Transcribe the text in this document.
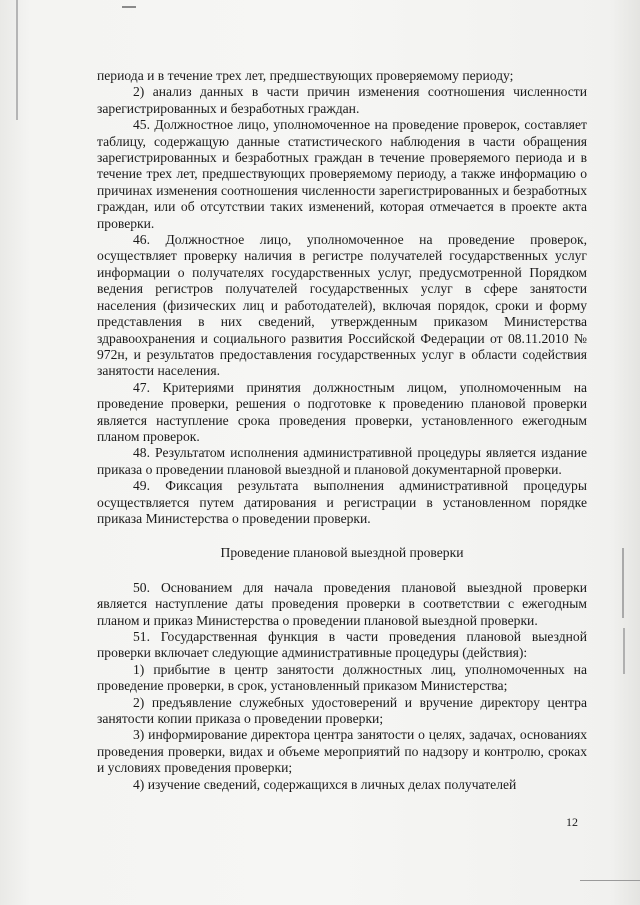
периода и в течение трех лет, предшествующих проверяемому периоду;

2) анализ данных в части причин изменения соотношения численности зарегистрированных и безработных граждан.

45. Должностное лицо, уполномоченное на проведение проверок, составляет таблицу, содержащую данные статистического наблюдения в части обращения зарегистрированных и безработных граждан в течение проверяемого периода и в течение трех лет, предшествующих проверяемому периоду, а также информацию о причинах изменения соотношения численности зарегистрированных и безработных граждан, или об отсутствии таких изменений, которая отмечается в проекте акта проверки.

46. Должностное лицо, уполномоченное на проведение проверок, осуществляет проверку наличия в регистре получателей государственных услуг информации о получателях государственных услуг, предусмотренной Порядком ведения регистров получателей государственных услуг в сфере занятости населения (физических лиц и работодателей), включая порядок, сроки и форму представления в них сведений, утвержденным приказом Министерства здравоохранения и социального развития Российской Федерации от 08.11.2010 № 972н, и результатов предоставления государственных услуг в области содействия занятости населения.

47. Критериями принятия должностным лицом, уполномоченным на проведение проверки, решения о подготовке к проведению плановой проверки является наступление срока проведения проверки, установленного ежегодным планом проверок.

48. Результатом исполнения административной процедуры является издание приказа о проведении плановой выездной и плановой документарной проверки.

49. Фиксация результата выполнения административной процедуры осуществляется путем датирования и регистрации в установленном порядке приказа Министерства о проведении проверки.

Проведение плановой выездной проверки

50. Основанием для начала проведения плановой выездной проверки является наступление даты проведения проверки в соответствии с ежегодным планом и приказ Министерства о проведении плановой выездной проверки.

51. Государственная функция в части проведения плановой выездной проверки включает следующие административные процедуры (действия):

1) прибытие в центр занятости должностных лиц, уполномоченных на проведение проверки, в срок, установленный приказом Министерства;

2) предъявление служебных удостоверений и вручение директору центра занятости копии приказа о проведении проверки;

3) информирование директора центра занятости о целях, задачах, основаниях проведения проверки, видах и объеме мероприятий по надзору и контролю, сроках и условиях проведения проверки;

4) изучение сведений, содержащихся в личных делах получателей

12
